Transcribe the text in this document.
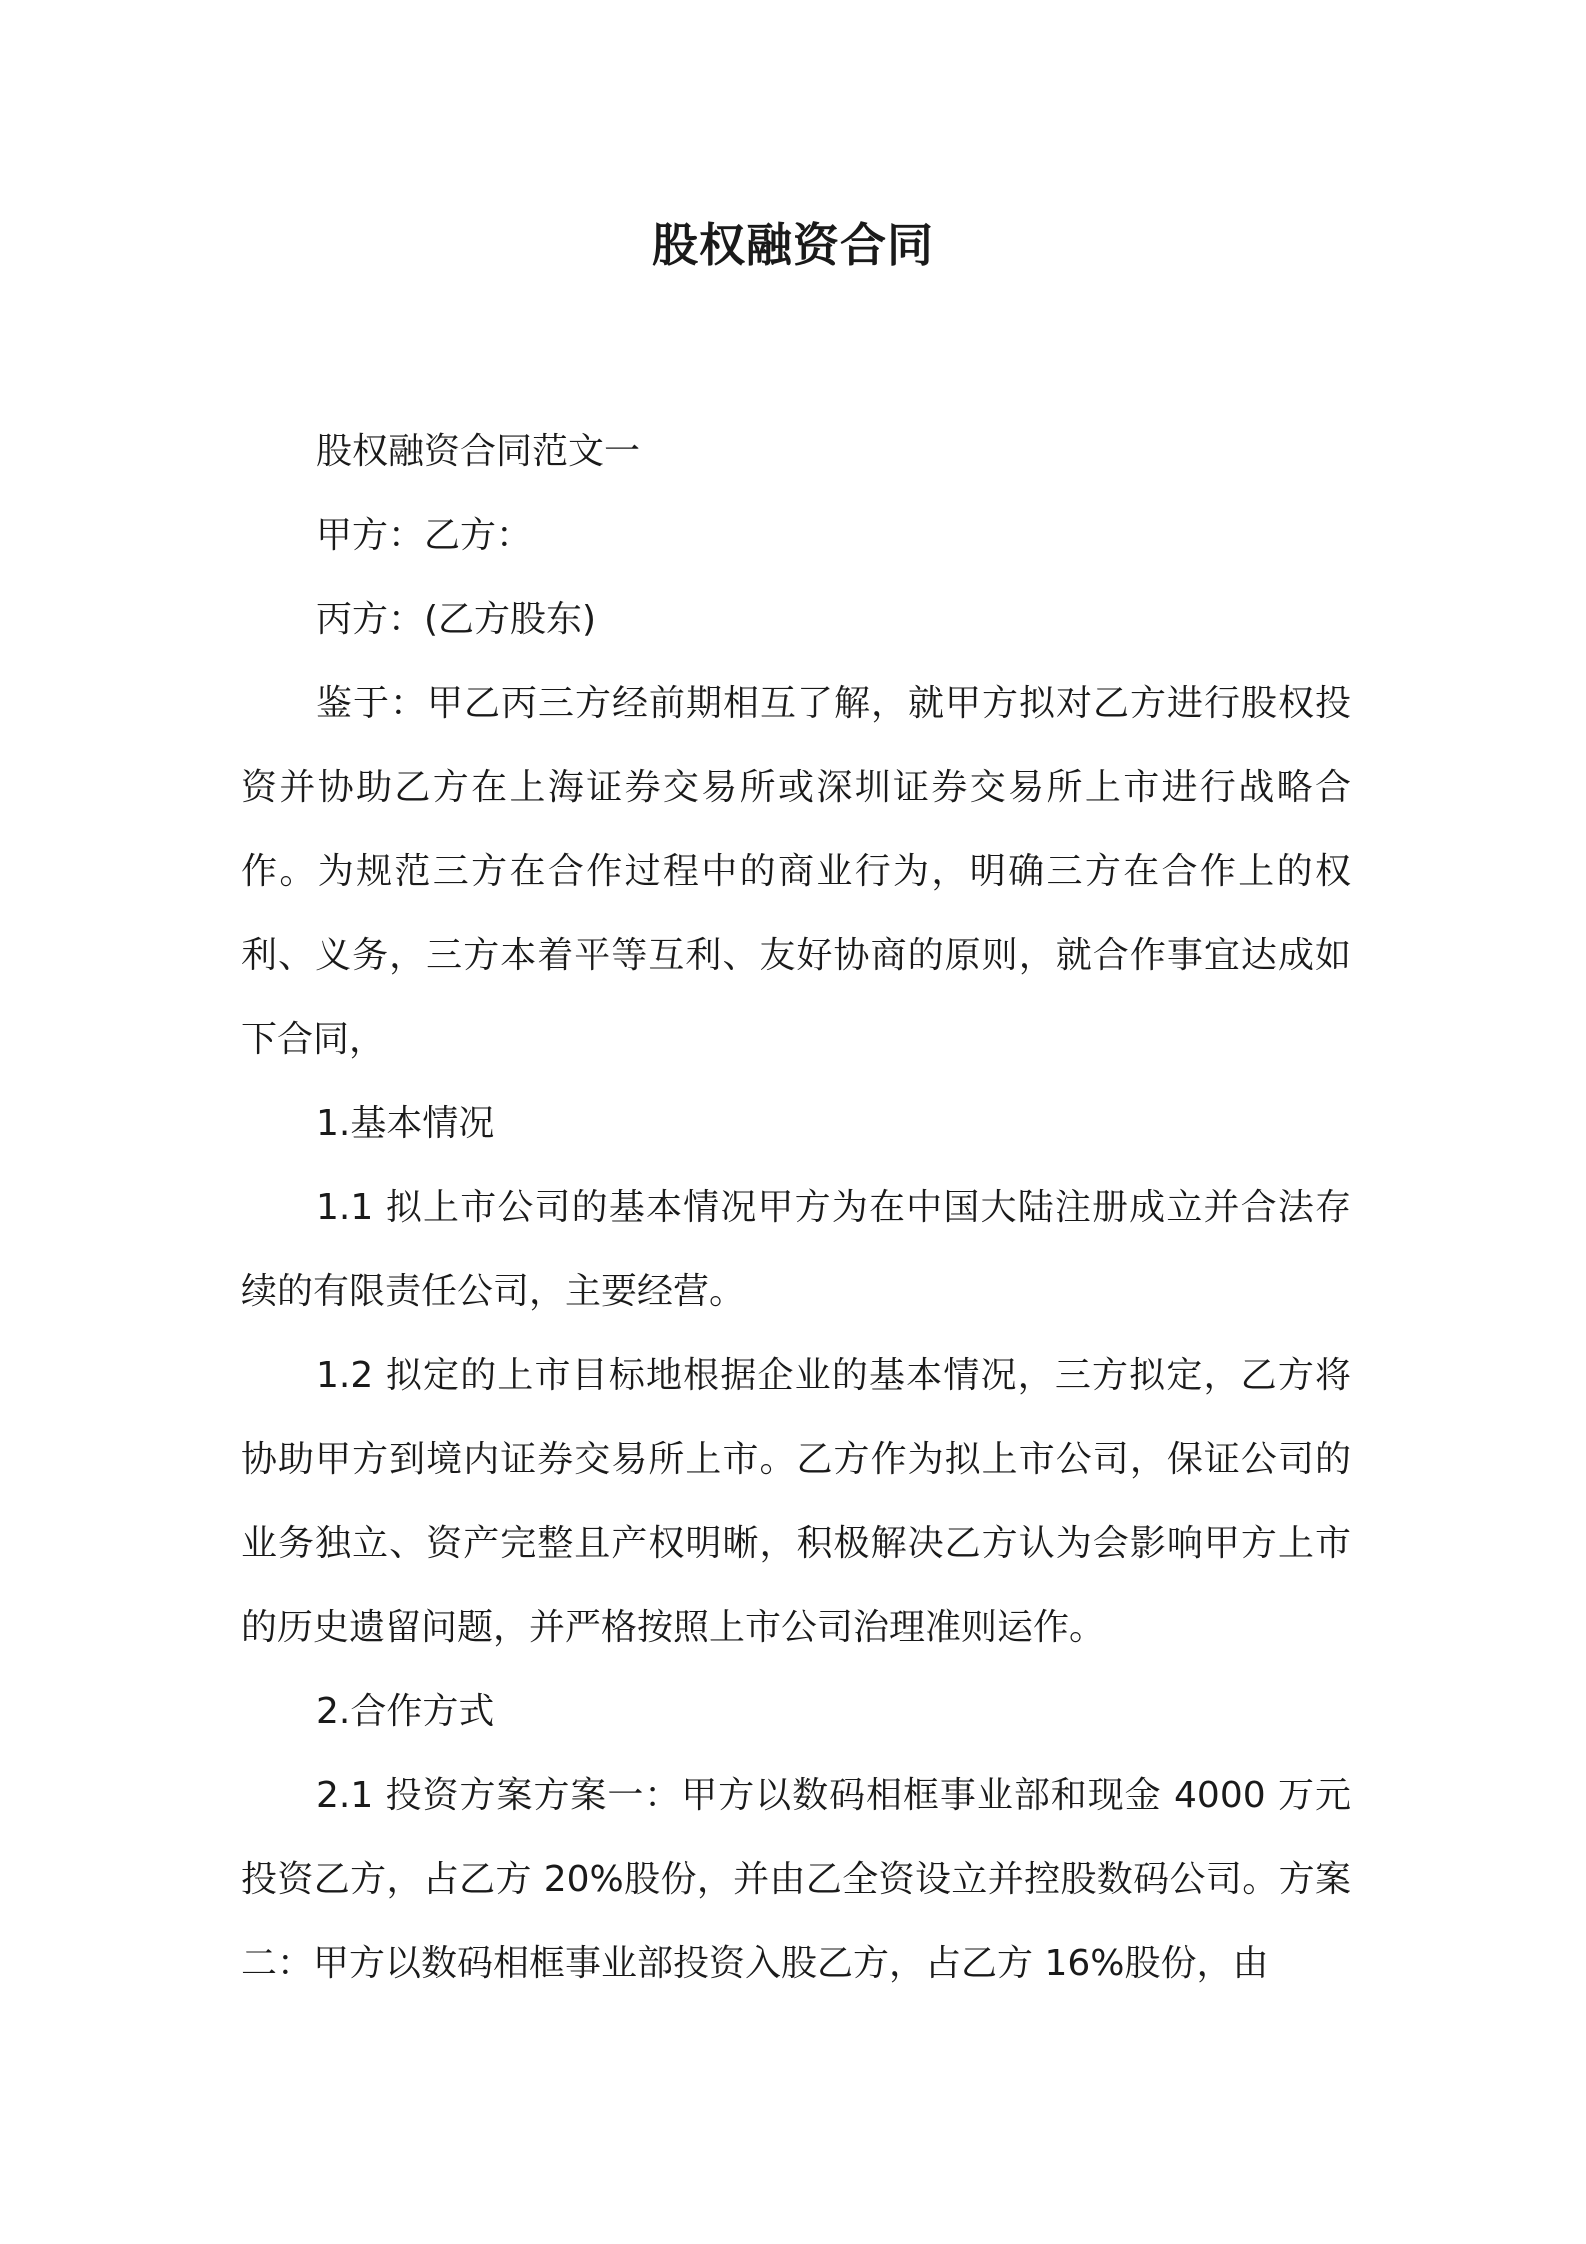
股权融资合同

股权融资合同范文一

甲方：乙方：

丙方：(乙方股东)

鉴于：甲乙丙三方经前期相互了解，就甲方拟对乙方进行股权投资并协助乙方在上海证券交易所或深圳证券交易所上市进行战略合作。为规范三方在合作过程中的商业行为，明确三方在合作上的权利、义务，三方本着平等互利、友好协商的原则，就合作事宜达成如下合同，

1.基本情况

1.1 拟上市公司的基本情况甲方为在中国大陆注册成立并合法存续的有限责任公司，主要经营。

1.2 拟定的上市目标地根据企业的基本情况，三方拟定，乙方将协助甲方到境内证券交易所上市。乙方作为拟上市公司，保证公司的业务独立、资产完整且产权明晰，积极解决乙方认为会影响甲方上市的历史遗留问题，并严格按照上市公司治理准则运作。

2.合作方式

2.1 投资方案方案一：甲方以数码相框事业部和现金 4000 万元投资乙方，占乙方 20%股份，并由乙全资设立并控股数码公司。方案二：甲方以数码相框事业部投资入股乙方，占乙方 16%股份，由
